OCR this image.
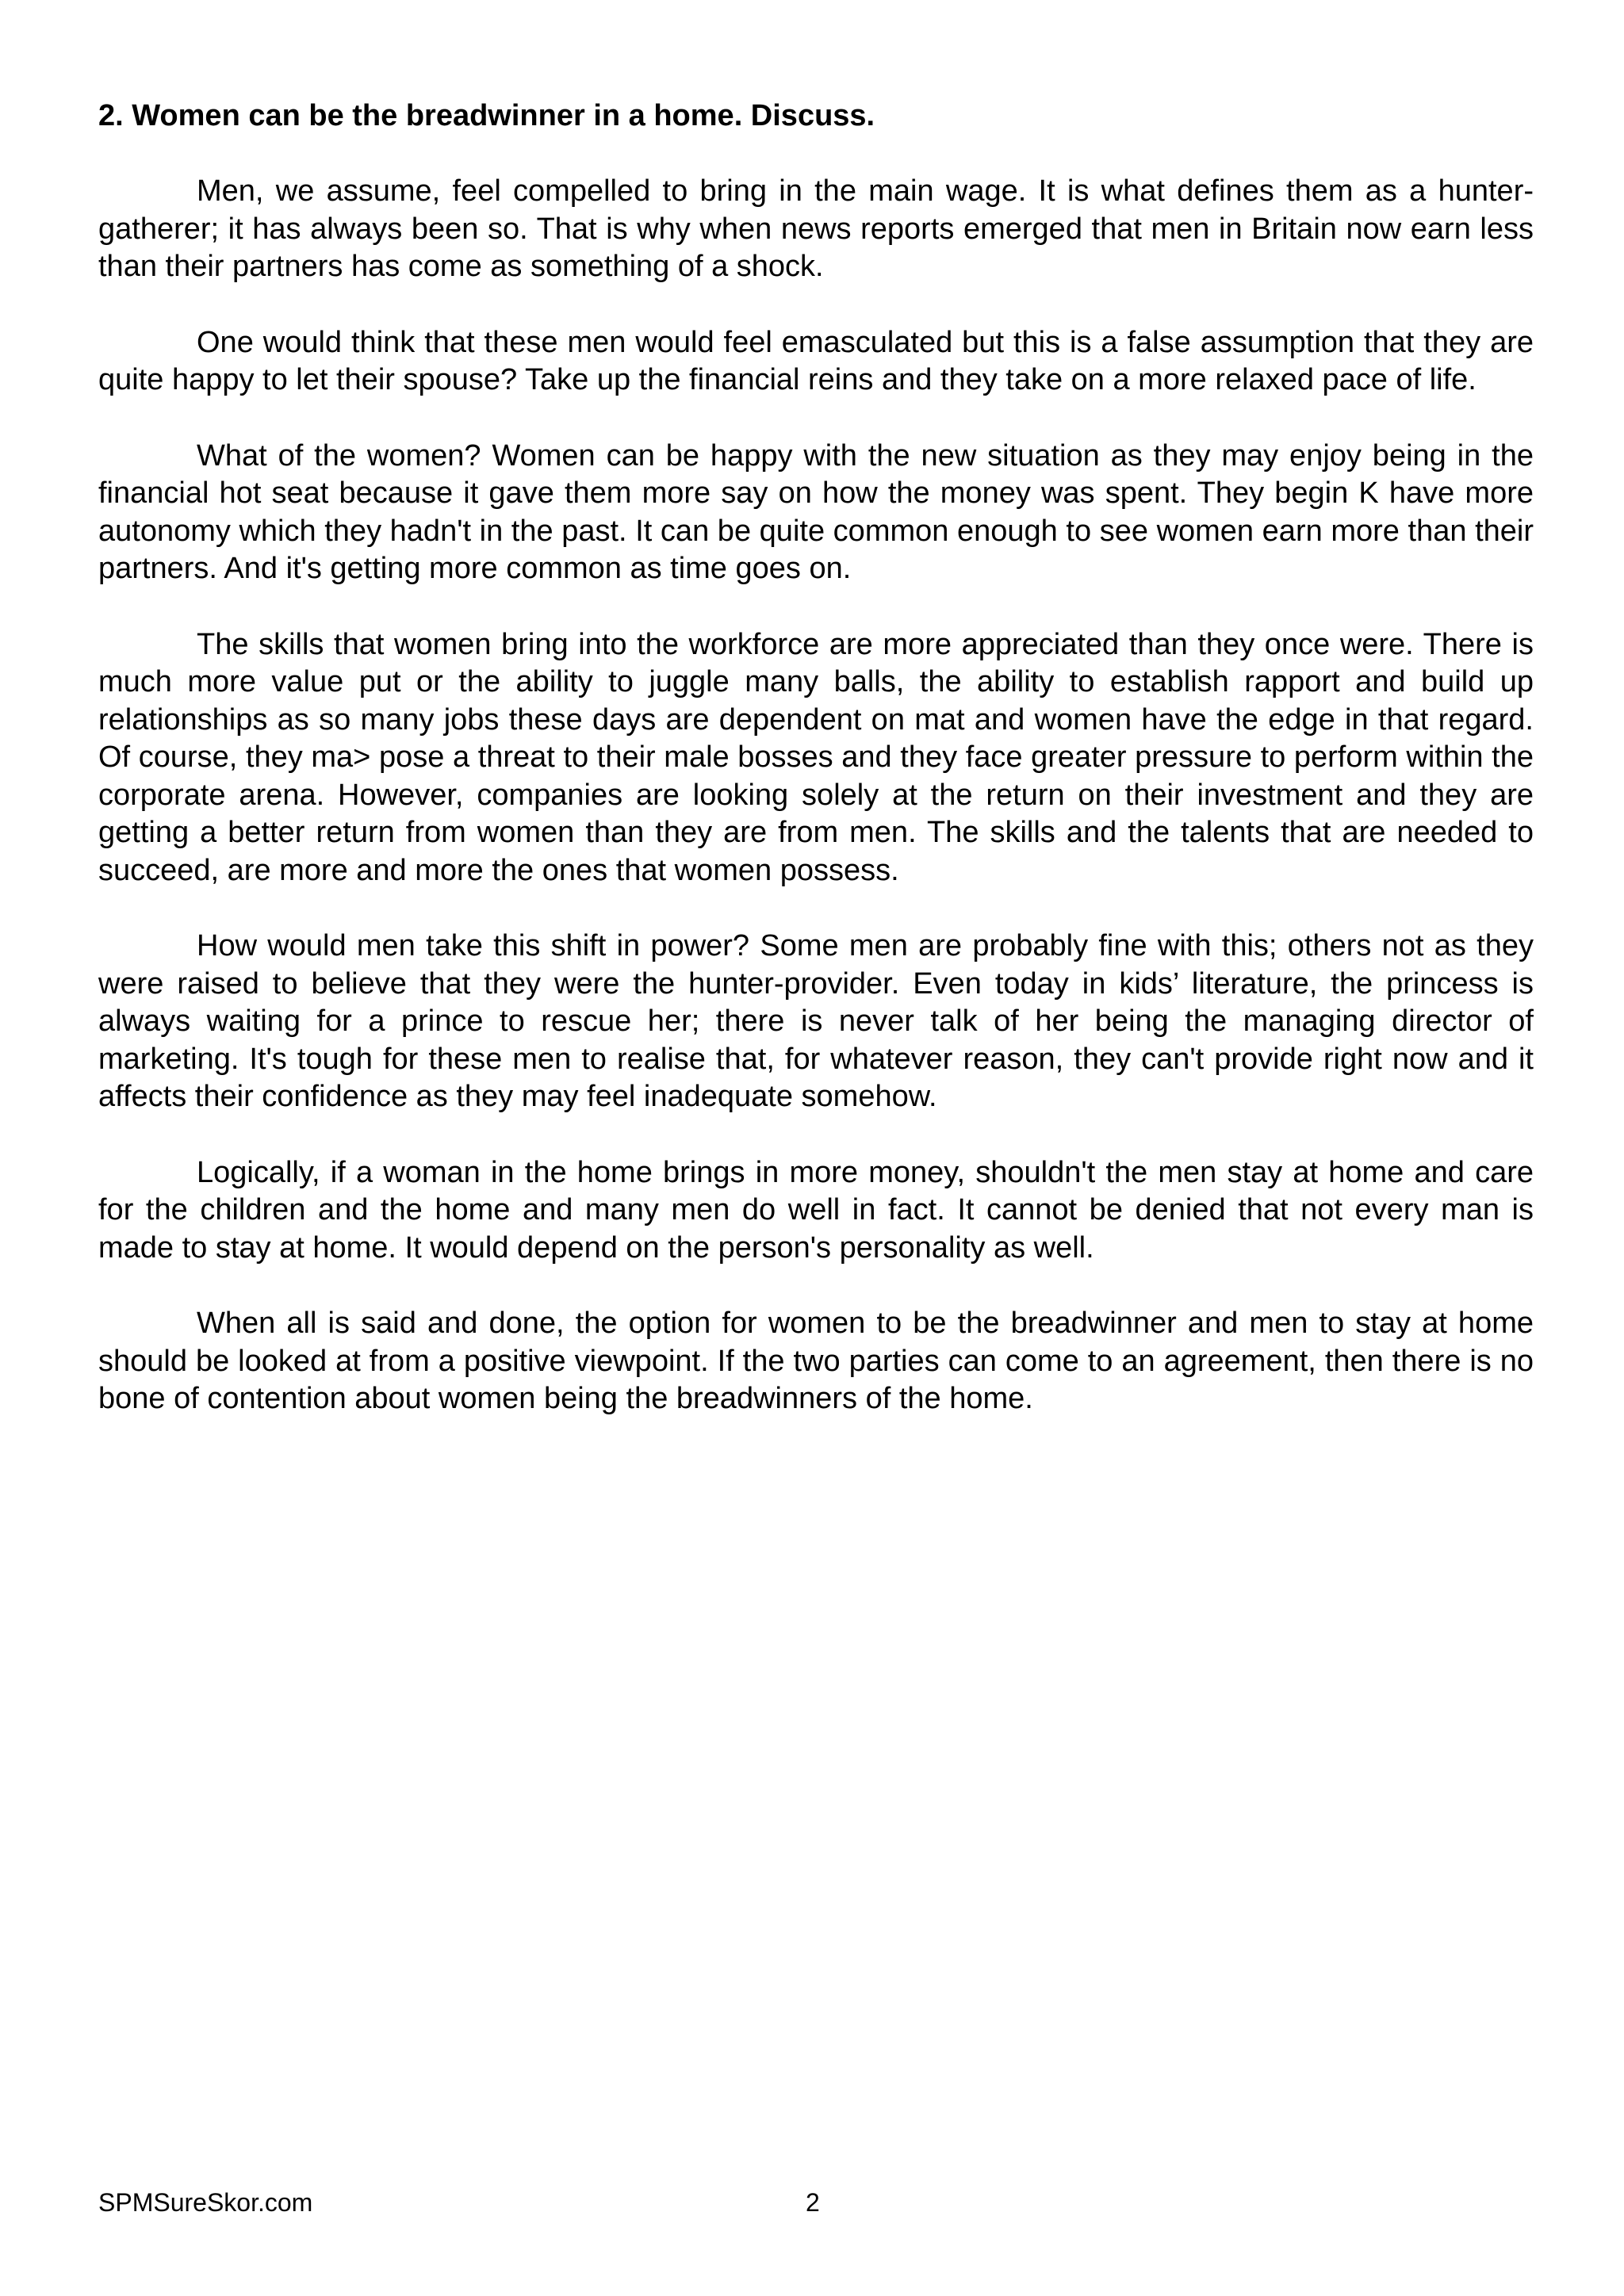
2. Women can be the breadwinner in a home. Discuss.

Men, we assume, feel compelled to bring in the main wage. It is what defines them as a hunter-gatherer; it has always been so. That is why when news reports emerged that men in Britain now earn less than their partners has come as something of a shock.

One would think that these men would feel emasculated but this is a false assumption that they are quite happy to let their spouse? Take up the financial reins and they take on a more relaxed pace of life.

What of the women? Women can be happy with the new situation as they may enjoy being in the financial hot seat because it gave them more say on how the money was spent. They begin K have more autonomy which they hadn't in the past. It can be quite common enough to see women earn more than their partners. And it's getting more common as time goes on.

The skills that women bring into the workforce are more appreciated than they once were. There is much more value put or the ability to juggle many balls, the ability to establish rapport and build up relationships as so many jobs these days are dependent on mat and women have the edge in that regard. Of course, they ma> pose a threat to their male bosses and they face greater pressure to perform within the corporate arena. However, companies are looking solely at the return on their investment and they are getting a better return from women than they are from men. The skills and the talents that are needed to succeed, are more and more the ones that women possess.

How would men take this shift in power? Some men are probably fine with this; others not as they were raised to believe that they were the hunter-provider. Even today in kids’ literature, the princess is always waiting for a prince to rescue her; there is never talk of her being the managing director of marketing. It's tough for these men to realise that, for whatever reason, they can't provide right now and it affects their confidence as they may feel inadequate somehow.

Logically, if a woman in the home brings in more money, shouldn't the men stay at home and care for the children and the home and many men do well in fact. It cannot be denied that not every man is made to stay at home. It would depend on the person's personality as well.

When all is said and done, the option for women to be the breadwinner and men to stay at home should be looked at from a positive viewpoint. If the two parties can come to an agreement, then there is no bone of contention about women being the breadwinners of the home.

SPMSureSkor.com	2
